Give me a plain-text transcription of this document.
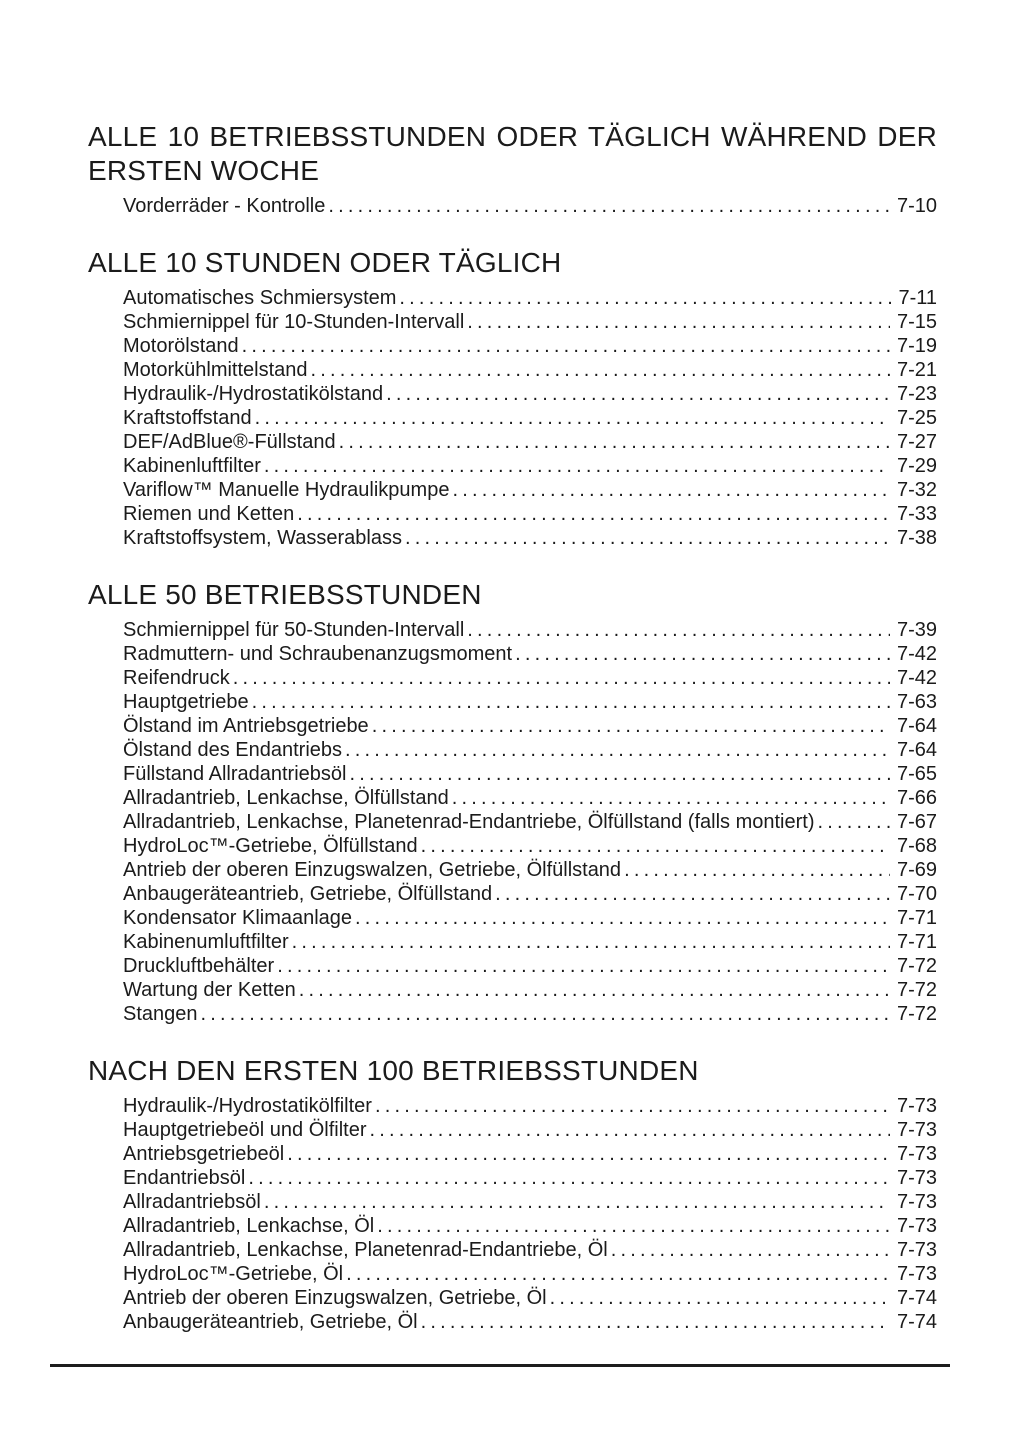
ALLE 10 BETRIEBSSTUNDEN ODER TÄGLICH WÄHREND DER
ERSTEN WOCHE
Vorderräder - Kontrolle .....	7-10
ALLE 10 STUNDEN ODER TÄGLICH
Automatisches Schmiersystem .....	7-11
Schmiernippel für 10-Stunden-Intervall .....	7-15
Motorölstand .....	7-19
Motorkühlmittelstand .....	7-21
Hydraulik-/Hydrostatikölstand .....	7-23
Kraftstoffstand .....	7-25
DEF/AdBlue®-Füllstand .....	7-27
Kabinenluftfilter .....	7-29
Variflow™ Manuelle Hydraulikpumpe .....	7-32
Riemen und Ketten .....	7-33
Kraftstoffsystem, Wasserablass .....	7-38
ALLE 50 BETRIEBSSTUNDEN
Schmiernippel für 50-Stunden-Intervall .....	7-39
Radmuttern- und Schraubenanzugsmoment .....	7-42
Reifendruck .....	7-42
Hauptgetriebe .....	7-63
Ölstand im Antriebsgetriebe .....	7-64
Ölstand des Endantriebs .....	7-64
Füllstand Allradantriebsöl .....	7-65
Allradantrieb, Lenkachse, Ölfüllstand .....	7-66
Allradantrieb, Lenkachse, Planetenrad-Endantriebe, Ölfüllstand (falls montiert) .....	7-67
HydroLoc™-Getriebe, Ölfüllstand .....	7-68
Antrieb der oberen Einzugswalzen, Getriebe, Ölfüllstand .....	7-69
Anbaugeräteantrieb, Getriebe, Ölfüllstand .....	7-70
Kondensator Klimaanlage .....	7-71
Kabinenumluftfilter .....	7-71
Druckluftbehälter .....	7-72
Wartung der Ketten .....	7-72
Stangen .....	7-72
NACH DEN ERSTEN 100 BETRIEBSSTUNDEN
Hydraulik-/Hydrostatikölfilter .....	7-73
Hauptgetriebeöl und Ölfilter .....	7-73
Antriebsgetriebeöl .....	7-73
Endantriebsöl .....	7-73
Allradantriebsöl .....	7-73
Allradantrieb, Lenkachse, Öl .....	7-73
Allradantrieb, Lenkachse, Planetenrad-Endantriebe, Öl .....	7-73
HydroLoc™-Getriebe, Öl .....	7-73
Antrieb der oberen Einzugswalzen, Getriebe, Öl .....	7-74
Anbaugeräteantrieb, Getriebe, Öl .....	7-74
